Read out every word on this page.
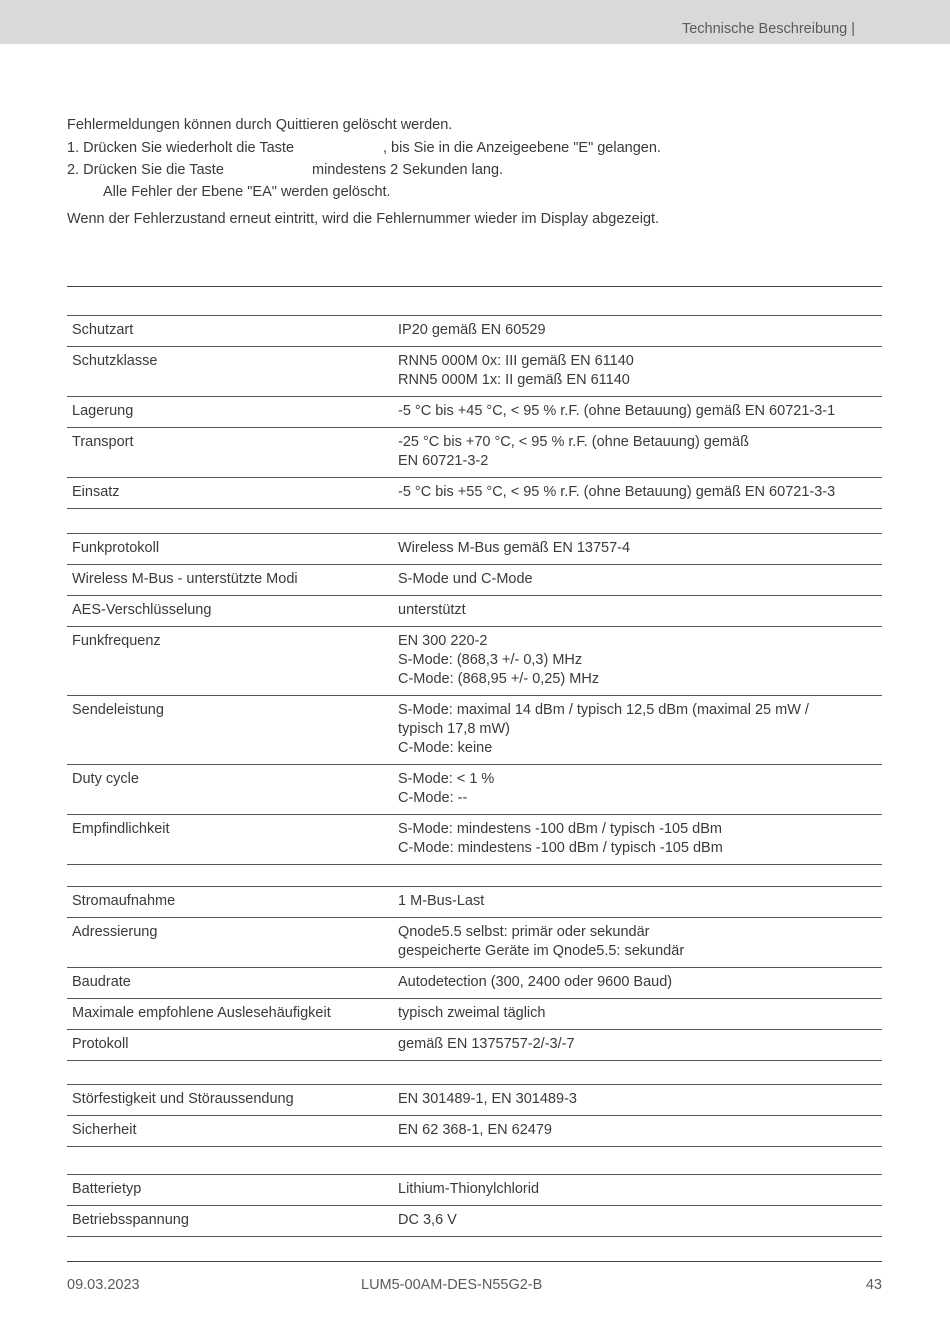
Technische Beschreibung |
Fehlermeldungen können durch Quittieren gelöscht werden.
1. Drücken Sie wiederholt die Taste	, bis Sie in die Anzeigeebene "E" gelangen.
2. Drücken Sie die Taste	mindestens 2 Sekunden lang.
Alle Fehler der Ebene "EA" werden gelöscht.
Wenn der Fehlerzustand erneut eintritt, wird die Fehlernummer wieder im Display abgezeigt.
Schutzart	IP20 gemäß EN 60529

Schutzklasse	RNN5 000M 0x: III gemäß EN 61140
RNN5 000M 1x: II gemäß EN 61140

Lagerung	-5 °C bis +45 °C, < 95 % r.F. (ohne Betauung) gemäß EN 60721-3-1

Transport	-25 °C bis +70 °C, < 95 % r.F. (ohne Betauung) gemäß
EN 60721-3-2

Einsatz	-5 °C bis +55 °C, < 95 % r.F. (ohne Betauung) gemäß EN 60721-3-3
Funkprotokoll	Wireless M-Bus gemäß EN 13757-4

Wireless M-Bus - unterstützte Modi	S-Mode und C-Mode

AES-Verschlüsselung	unterstützt

Funkfrequenz	EN 300 220-2
S-Mode: (868,3 +/- 0,3) MHz
C-Mode: (868,95 +/- 0,25) MHz

Sendeleistung	S-Mode: maximal 14 dBm / typisch 12,5 dBm (maximal 25 mW /
typisch 17,8 mW)
C-Mode: keine

Duty cycle	S-Mode: < 1 %
C-Mode: --

Empfindlichkeit	S-Mode: mindestens -100 dBm / typisch -105 dBm
C-Mode: mindestens -100 dBm / typisch -105 dBm
Stromaufnahme	1 M-Bus-Last

Adressierung	Qnode5.5 selbst: primär oder sekundär
gespeicherte Geräte im Qnode5.5: sekundär

Baudrate	Autodetection (300, 2400 oder 9600 Baud)

Maximale empfohlene Auslesehäufigkeit	typisch zweimal täglich

Protokoll	gemäß EN 1375757-2/-3/-7
Störfestigkeit und Störaussendung	EN 301489-1, EN 301489-3

Sicherheit	EN 62 368-1, EN 62479
Batterietyp	Lithium-Thionylchlorid

Betriebsspannung	DC 3,6 V
09.03.2023	LUM5-00AM-DES-N55G2-B	43
